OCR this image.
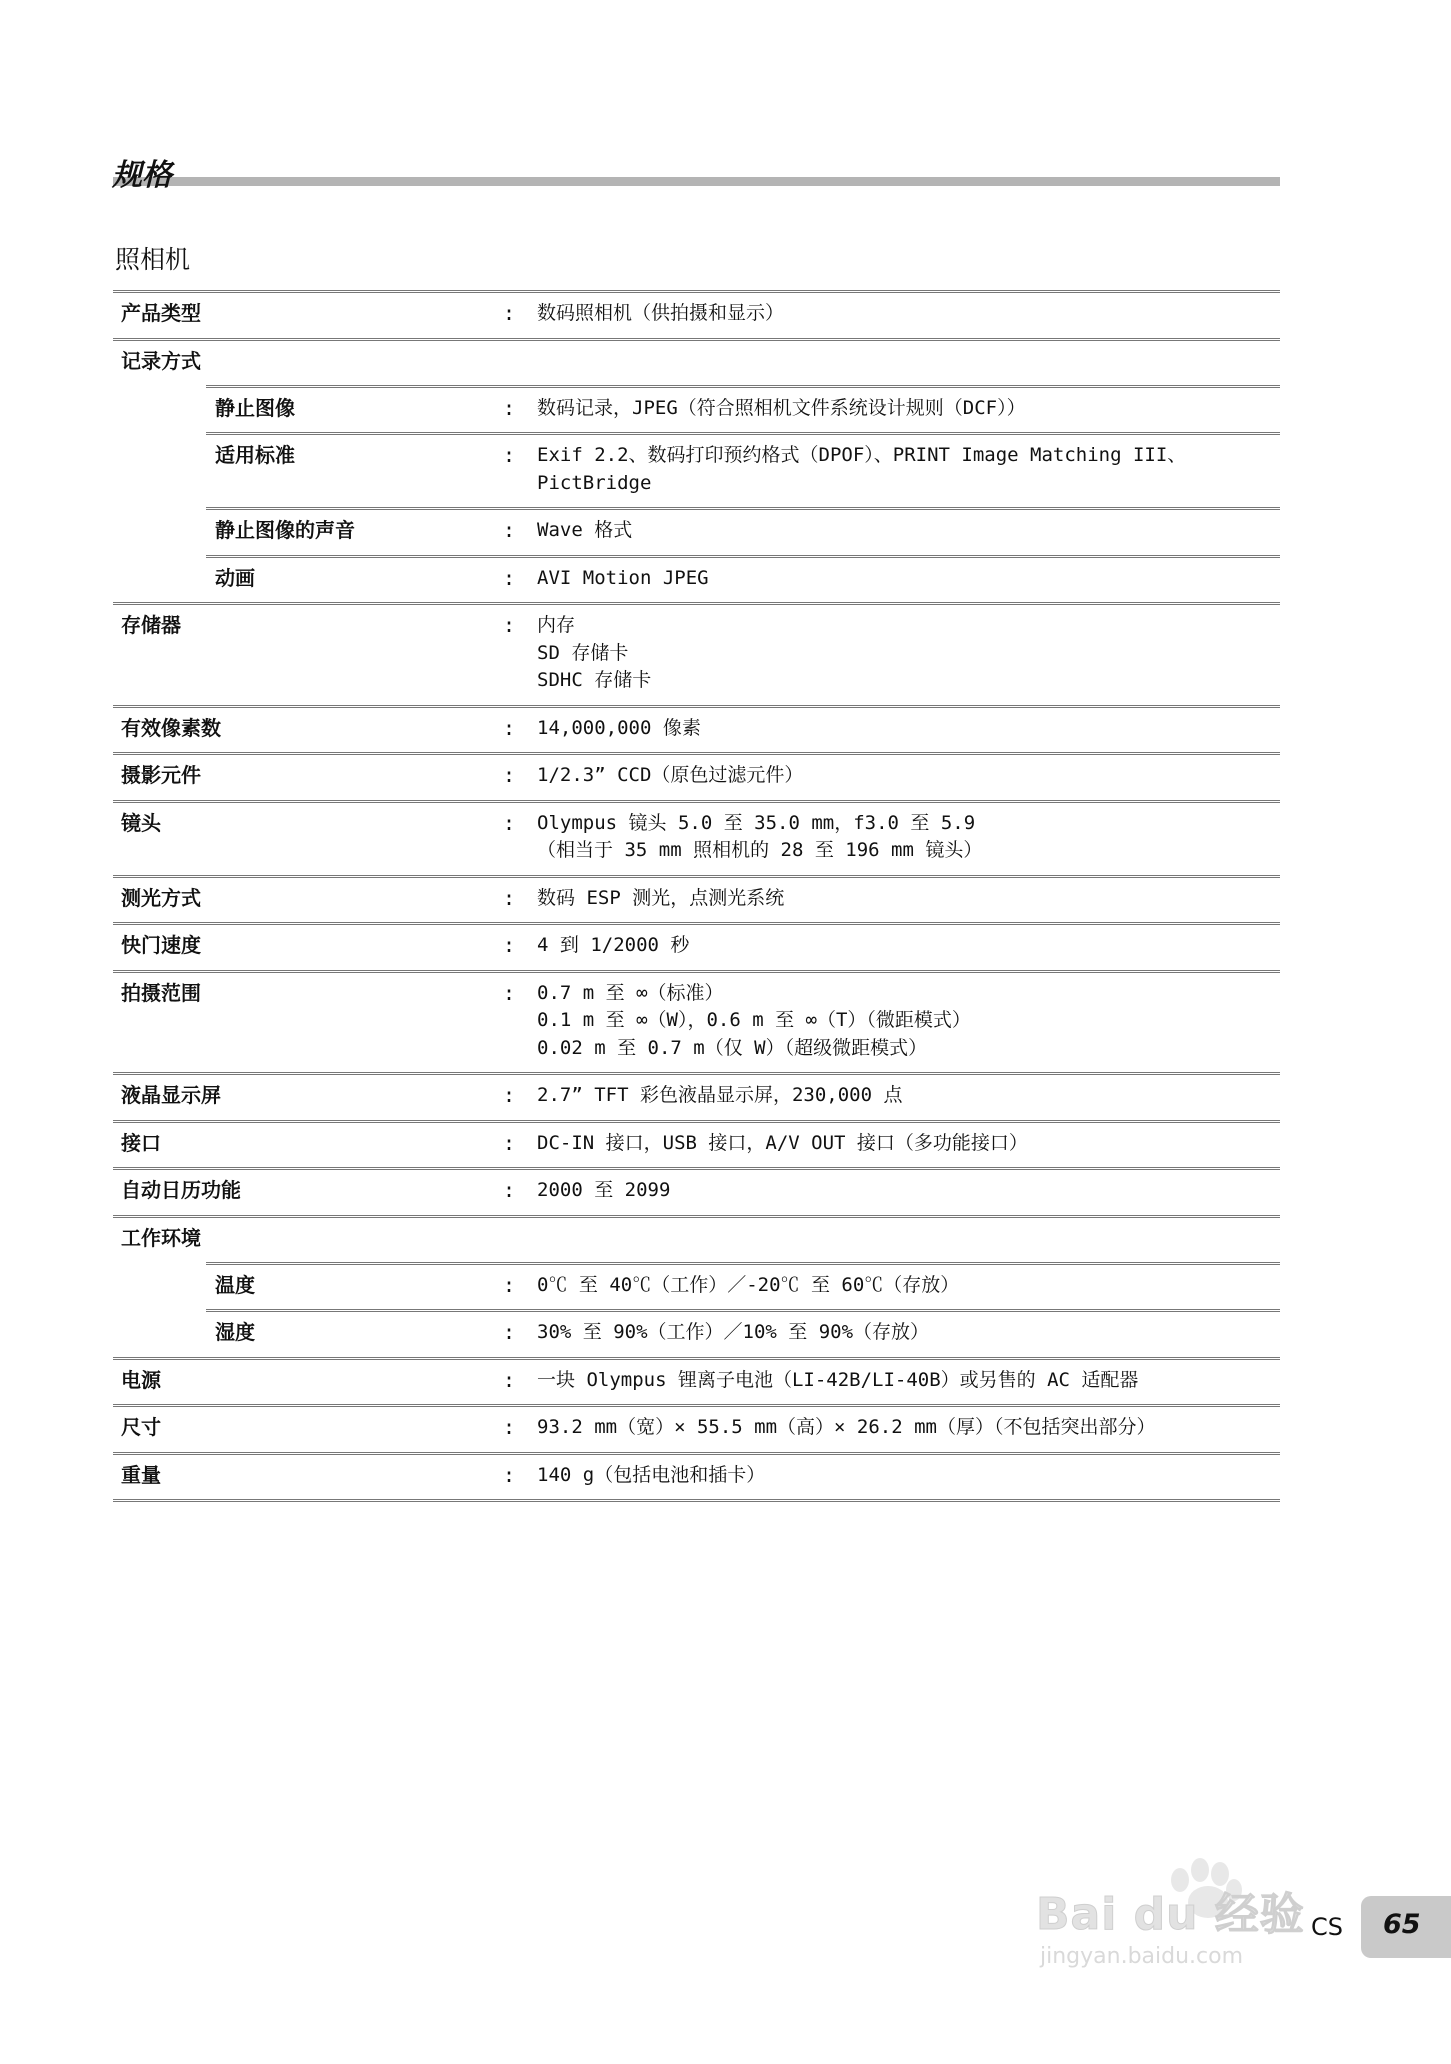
规格
照相机
产品类型	:	数码照相机（供拍摄和显示）
记录方式
静止图像	:	数码记录，JPEG（符合照相机文件系统设计规则（DCF））
适用标准	:	Exif 2.2、数码打印预约格式（DPOF）、PRINT Image Matching III、
PictBridge
静止图像的声音	:	Wave 格式
动画	:	AVI Motion JPEG
存储器	:	内存
SD 存储卡
SDHC 存储卡
有效像素数	:	14,000,000 像素
摄影元件	:	1/2.3” CCD（原色过滤元件）
镜头	:	Olympus 镜头 5.0 至 35.0 mm，f3.0 至 5.9
（相当于 35 mm 照相机的 28 至 196 mm 镜头）
测光方式	:	数码 ESP 测光，点测光系统
快门速度	:	4 到 1/2000 秒
拍摄范围	:	0.7 m 至 ∞（标准）
0.1 m 至 ∞（W），0.6 m 至 ∞（T）（微距模式）
0.02 m 至 0.7 m（仅 W）（超级微距模式）
液晶显示屏	:	2.7” TFT 彩色液晶显示屏，230,000 点
接口	:	DC-IN 接口，USB 接口，A/V OUT 接口（多功能接口）
自动日历功能	:	2000 至 2099
工作环境
温度	:	0℃ 至 40℃（工作）／-20℃ 至 60℃（存放）
湿度	:	30% 至 90%（工作）／10% 至 90%（存放）
电源	:	一块 Olympus 锂离子电池（LI-42B/LI-40B）或另售的 AC 适配器
尺寸	:	93.2 mm（宽）× 55.5 mm（高）× 26.2 mm（厚）（不包括突出部分）
重量	:	140 g（包括电池和插卡）
Bai du 经验
jingyan.baidu.com
CS 65
